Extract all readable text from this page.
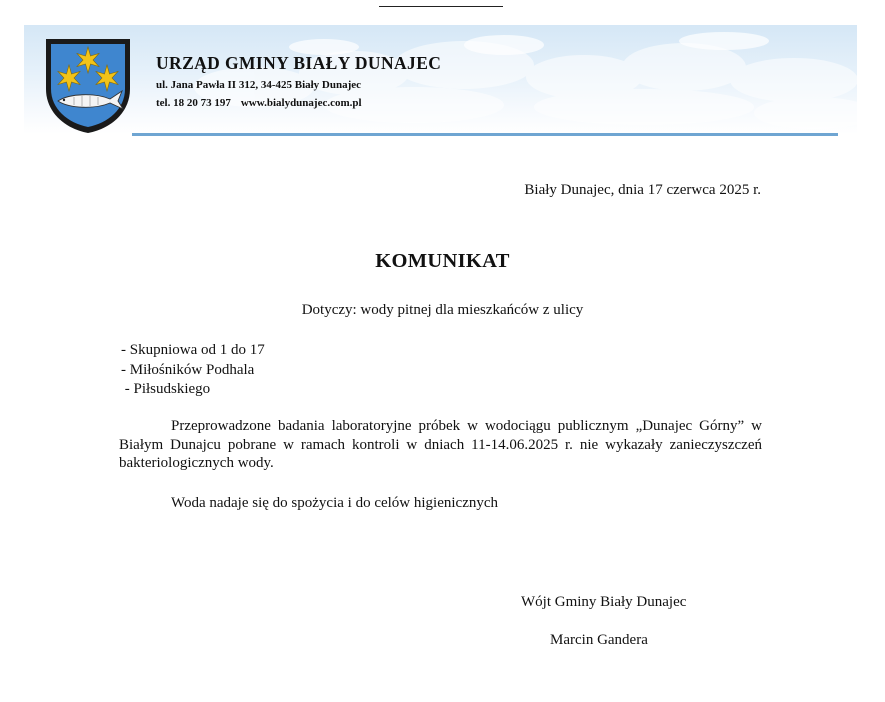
URZĄD GMINY BIAŁY DUNAJEC
ul. Jana Pawła II 312, 34-425 Biały Dunajec
tel. 18 20 73 197 www.bialydunajec.com.pl
Biały Dunajec, dnia 17 czerwca 2025 r.
KOMUNIKAT
Dotyczy: wody pitnej dla mieszkańców z ulicy
- Skupniowa od 1 do 17
- Miłośników Podhala
- Piłsudskiego

Przeprowadzone badania laboratoryjne próbek w wodociągu publicznym „Dunajec Górny” w Białym Dunajcu pobrane w ramach kontroli w dniach 11-14.06.2025 r. nie wykazały zanieczyszczeń bakteriologicznych wody.

Woda nadaje się do spożycia i do celów higienicznych
Wójt Gminy Biały Dunajec
Marcin Gandera
